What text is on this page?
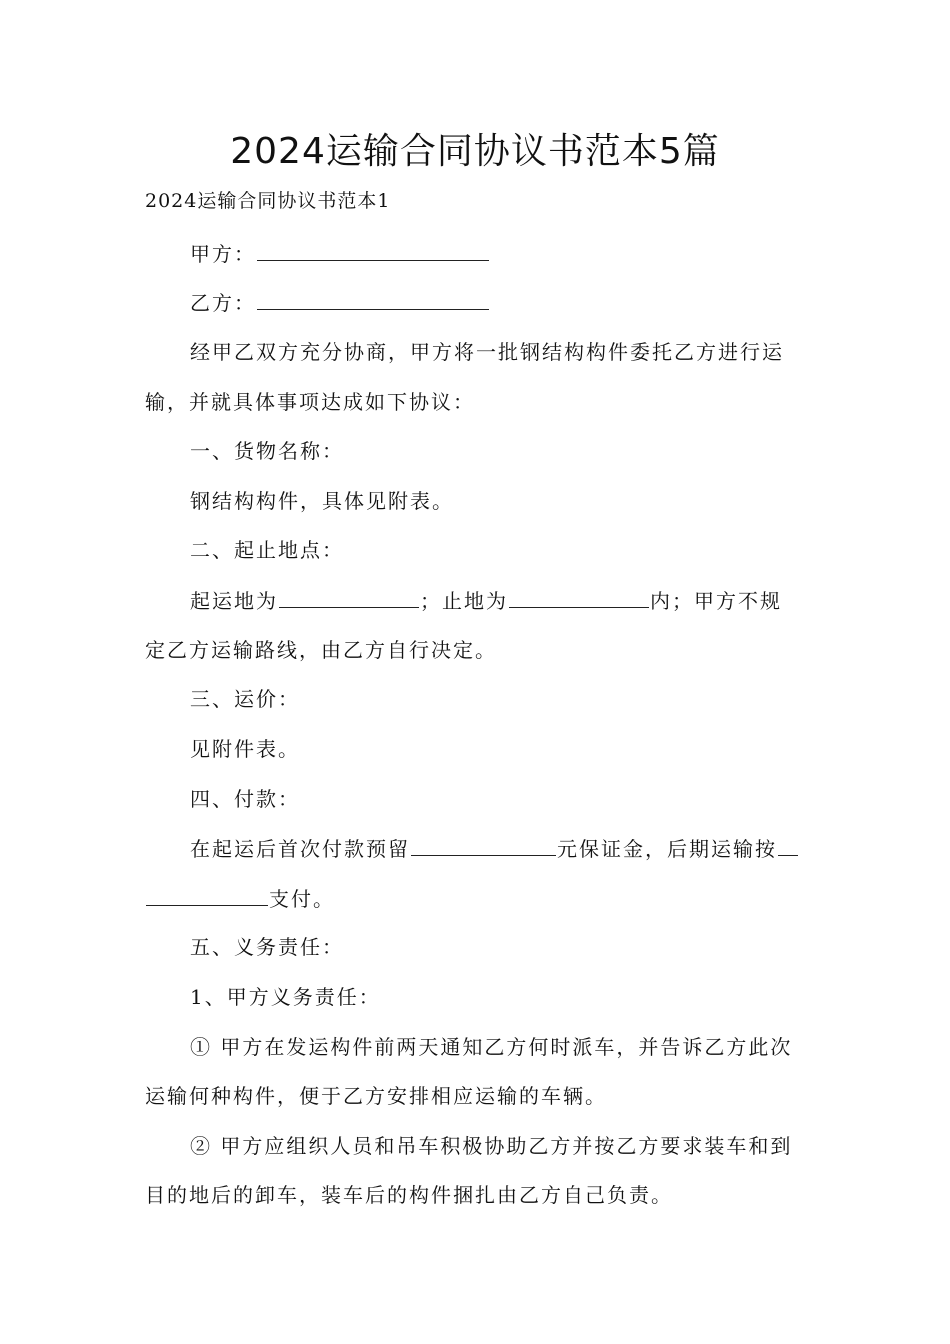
2024运输合同协议书范本5篇
2024运输合同协议书范本1
甲方：
乙方：
经甲乙双方充分协商，甲方将一批钢结构构件委托乙方进行运
输，并就具体事项达成如下协议：
一、货物名称：
钢结构构件，具体见附表。
二、起止地点：
起运地为	；止地为	内；甲方不规
定乙方运输路线，由乙方自行决定。
三、运价：
见附件表。
四、付款：
在起运后首次付款预留	元保证金，后期运输按
支付。
五、义务责任：
1、甲方义务责任：
① 甲方在发运构件前两天通知乙方何时派车，并告诉乙方此次
运输何种构件，便于乙方安排相应运输的车辆。
② 甲方应组织人员和吊车积极协助乙方并按乙方要求装车和到
目的地后的卸车，装车后的构件捆扎由乙方自己负责。
